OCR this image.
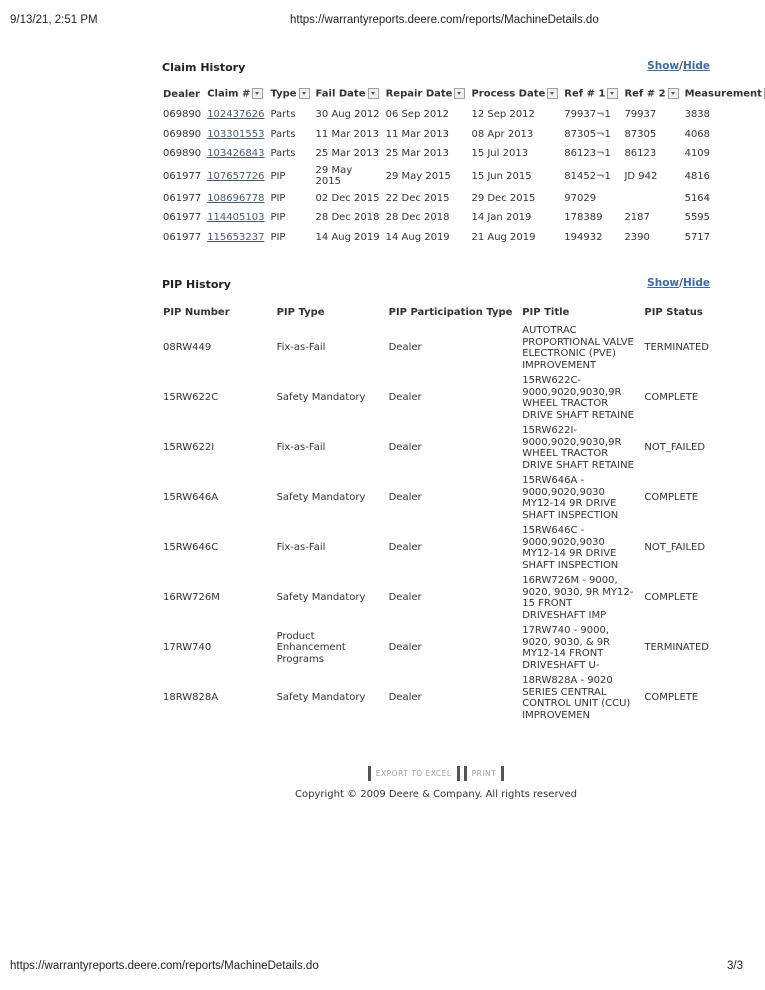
9/13/21, 2:51 PM	https://warrantyreports.deere.com/reports/MachineDetails.do
Claim History	Show/Hide
Dealer	Claim #	Type	Fail Date	Repair Date	Process Date	Ref # 1	Ref # 2	Measurement
069890	102437626	Parts	30 Aug 2012	06 Sep 2012	12 Sep 2012	79937¬1	79937	3838
069890	103301553	Parts	11 Mar 2013	11 Mar 2013	08 Apr 2013	87305¬1	87305	4068
069890	103426843	Parts	25 Mar 2013	25 Mar 2013	15 Jul 2013	86123¬1	86123	4109
061977	107657726	PIP	29 May 2015	29 May 2015	15 Jun 2015	81452¬1	JD 942	4816
061977	108696778	PIP	02 Dec 2015	22 Dec 2015	29 Dec 2015	97029		5164
061977	114405103	PIP	28 Dec 2018	28 Dec 2018	14 Jan 2019	178389	2187	5595
061977	115653237	PIP	14 Aug 2019	14 Aug 2019	21 Aug 2019	194932	2390	5717
PIP History	Show/Hide
PIP Number	PIP Type	PIP Participation Type	PIP Title	PIP Status
08RW449	Fix-as-Fail	Dealer	AUTOTRAC PROPORTIONAL VALVE ELECTRONIC (PVE) IMPROVEMENT	TERMINATED
15RW622C	Safety Mandatory	Dealer	15RW622C-9000,9020,9030,9R WHEEL TRACTOR DRIVE SHAFT RETAINE	COMPLETE
15RW622I	Fix-as-Fail	Dealer	15RW622I-9000,9020,9030,9R WHEEL TRACTOR DRIVE SHAFT RETAINE	NOT_FAILED
15RW646A	Safety Mandatory	Dealer	15RW646A - 9000,9020,9030 MY12-14 9R DRIVE SHAFT INSPECTION	COMPLETE
15RW646C	Fix-as-Fail	Dealer	15RW646C - 9000,9020,9030 MY12-14 9R DRIVE SHAFT INSPECTION	NOT_FAILED
16RW726M	Safety Mandatory	Dealer	16RW726M - 9000, 9020, 9030, 9R MY12-15 FRONT DRIVESHAFT IMP	COMPLETE
17RW740	Product Enhancement Programs	Dealer	17RW740 - 9000, 9020, 9030, & 9R MY12-14 FRONT DRIVESHAFT U-	TERMINATED
18RW828A	Safety Mandatory	Dealer	18RW828A - 9020 SERIES CENTRAL CONTROL UNIT (CCU) IMPROVEMEN	COMPLETE
EXPORT TO EXCEL	PRINT
Copyright © 2009 Deere & Company. All rights reserved
https://warrantyreports.deere.com/reports/MachineDetails.do	3/3
